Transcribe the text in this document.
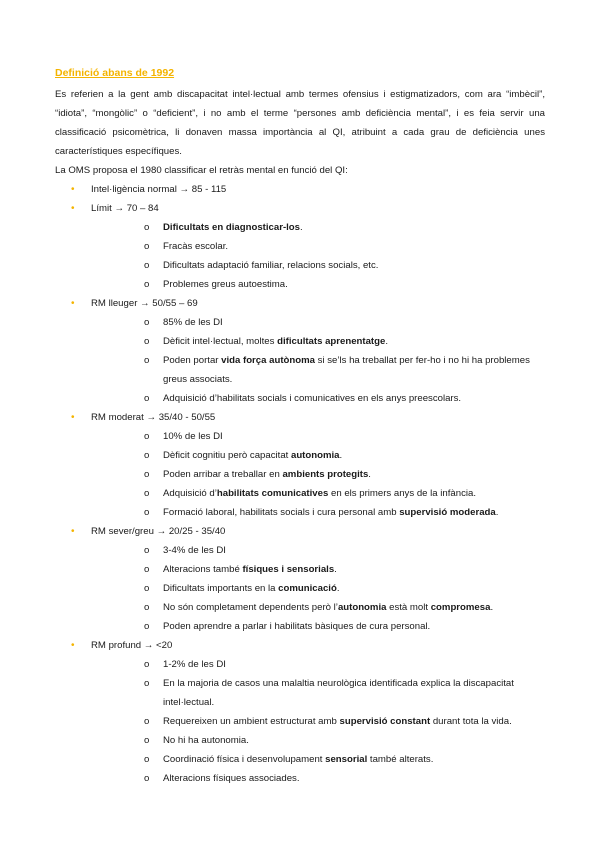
Definició abans de 1992

Es referien a la gent amb discapacitat intel·lectual amb termes ofensius i estigmatizadors, com ara “imbècil”, “idiota”, “mongòlic” o “deficient”, i no amb el terme “persones amb deficiència mental”, i es feia servir una classificació psicomètrica, li donaven massa importància al QI, atribuint a cada grau de deficiència unes característiques específiques.

La OMS proposa el 1980 classificar el retràs mental en funció del QI:

• Intel·ligència normal → 85 - 115
• Límit → 70 – 84
o Dificultats en diagnosticar-los.
o Fracàs escolar.
o Dificultats adaptació familiar, relacions socials, etc.
o Problemes greus autoestima.
• RM lleuger → 50/55 – 69
o 85% de les DI
o Dèficit intel·lectual, moltes dificultats aprenentatge.
o Poden portar vida força autònoma si se’ls ha treballat per fer-ho i no hi ha problemes greus associats.
o Adquisició d’habilitats socials i comunicatives en els anys preescolars.
• RM moderat → 35/40 - 50/55
o 10% de les DI
o Dèficit cognitiu però capacitat autonomia.
o Poden arribar a treballar en ambients protegits.
o Adquisició d’habilitats comunicatives en els primers anys de la infància.
o Formació laboral, habilitats socials i cura personal amb supervisió moderada.
• RM sever/greu → 20/25 - 35/40
o 3-4% de les DI
o Alteracions també físiques i sensorials.
o Dificultats importants en la comunicació.
o No són completament dependents però l’autonomia està molt compromesa.
o Poden aprendre a parlar i habilitats bàsiques de cura personal.
• RM profund → <20
o 1-2% de les DI
o En la majoria de casos una malaltia neurològica identificada explica la discapacitat intel·lectual.
o Requereixen un ambient estructurat amb supervisió constant durant tota la vida.
o No hi ha autonomia.
o Coordinació física i desenvolupament sensorial també alterats.
o Alteracions físiques associades.
